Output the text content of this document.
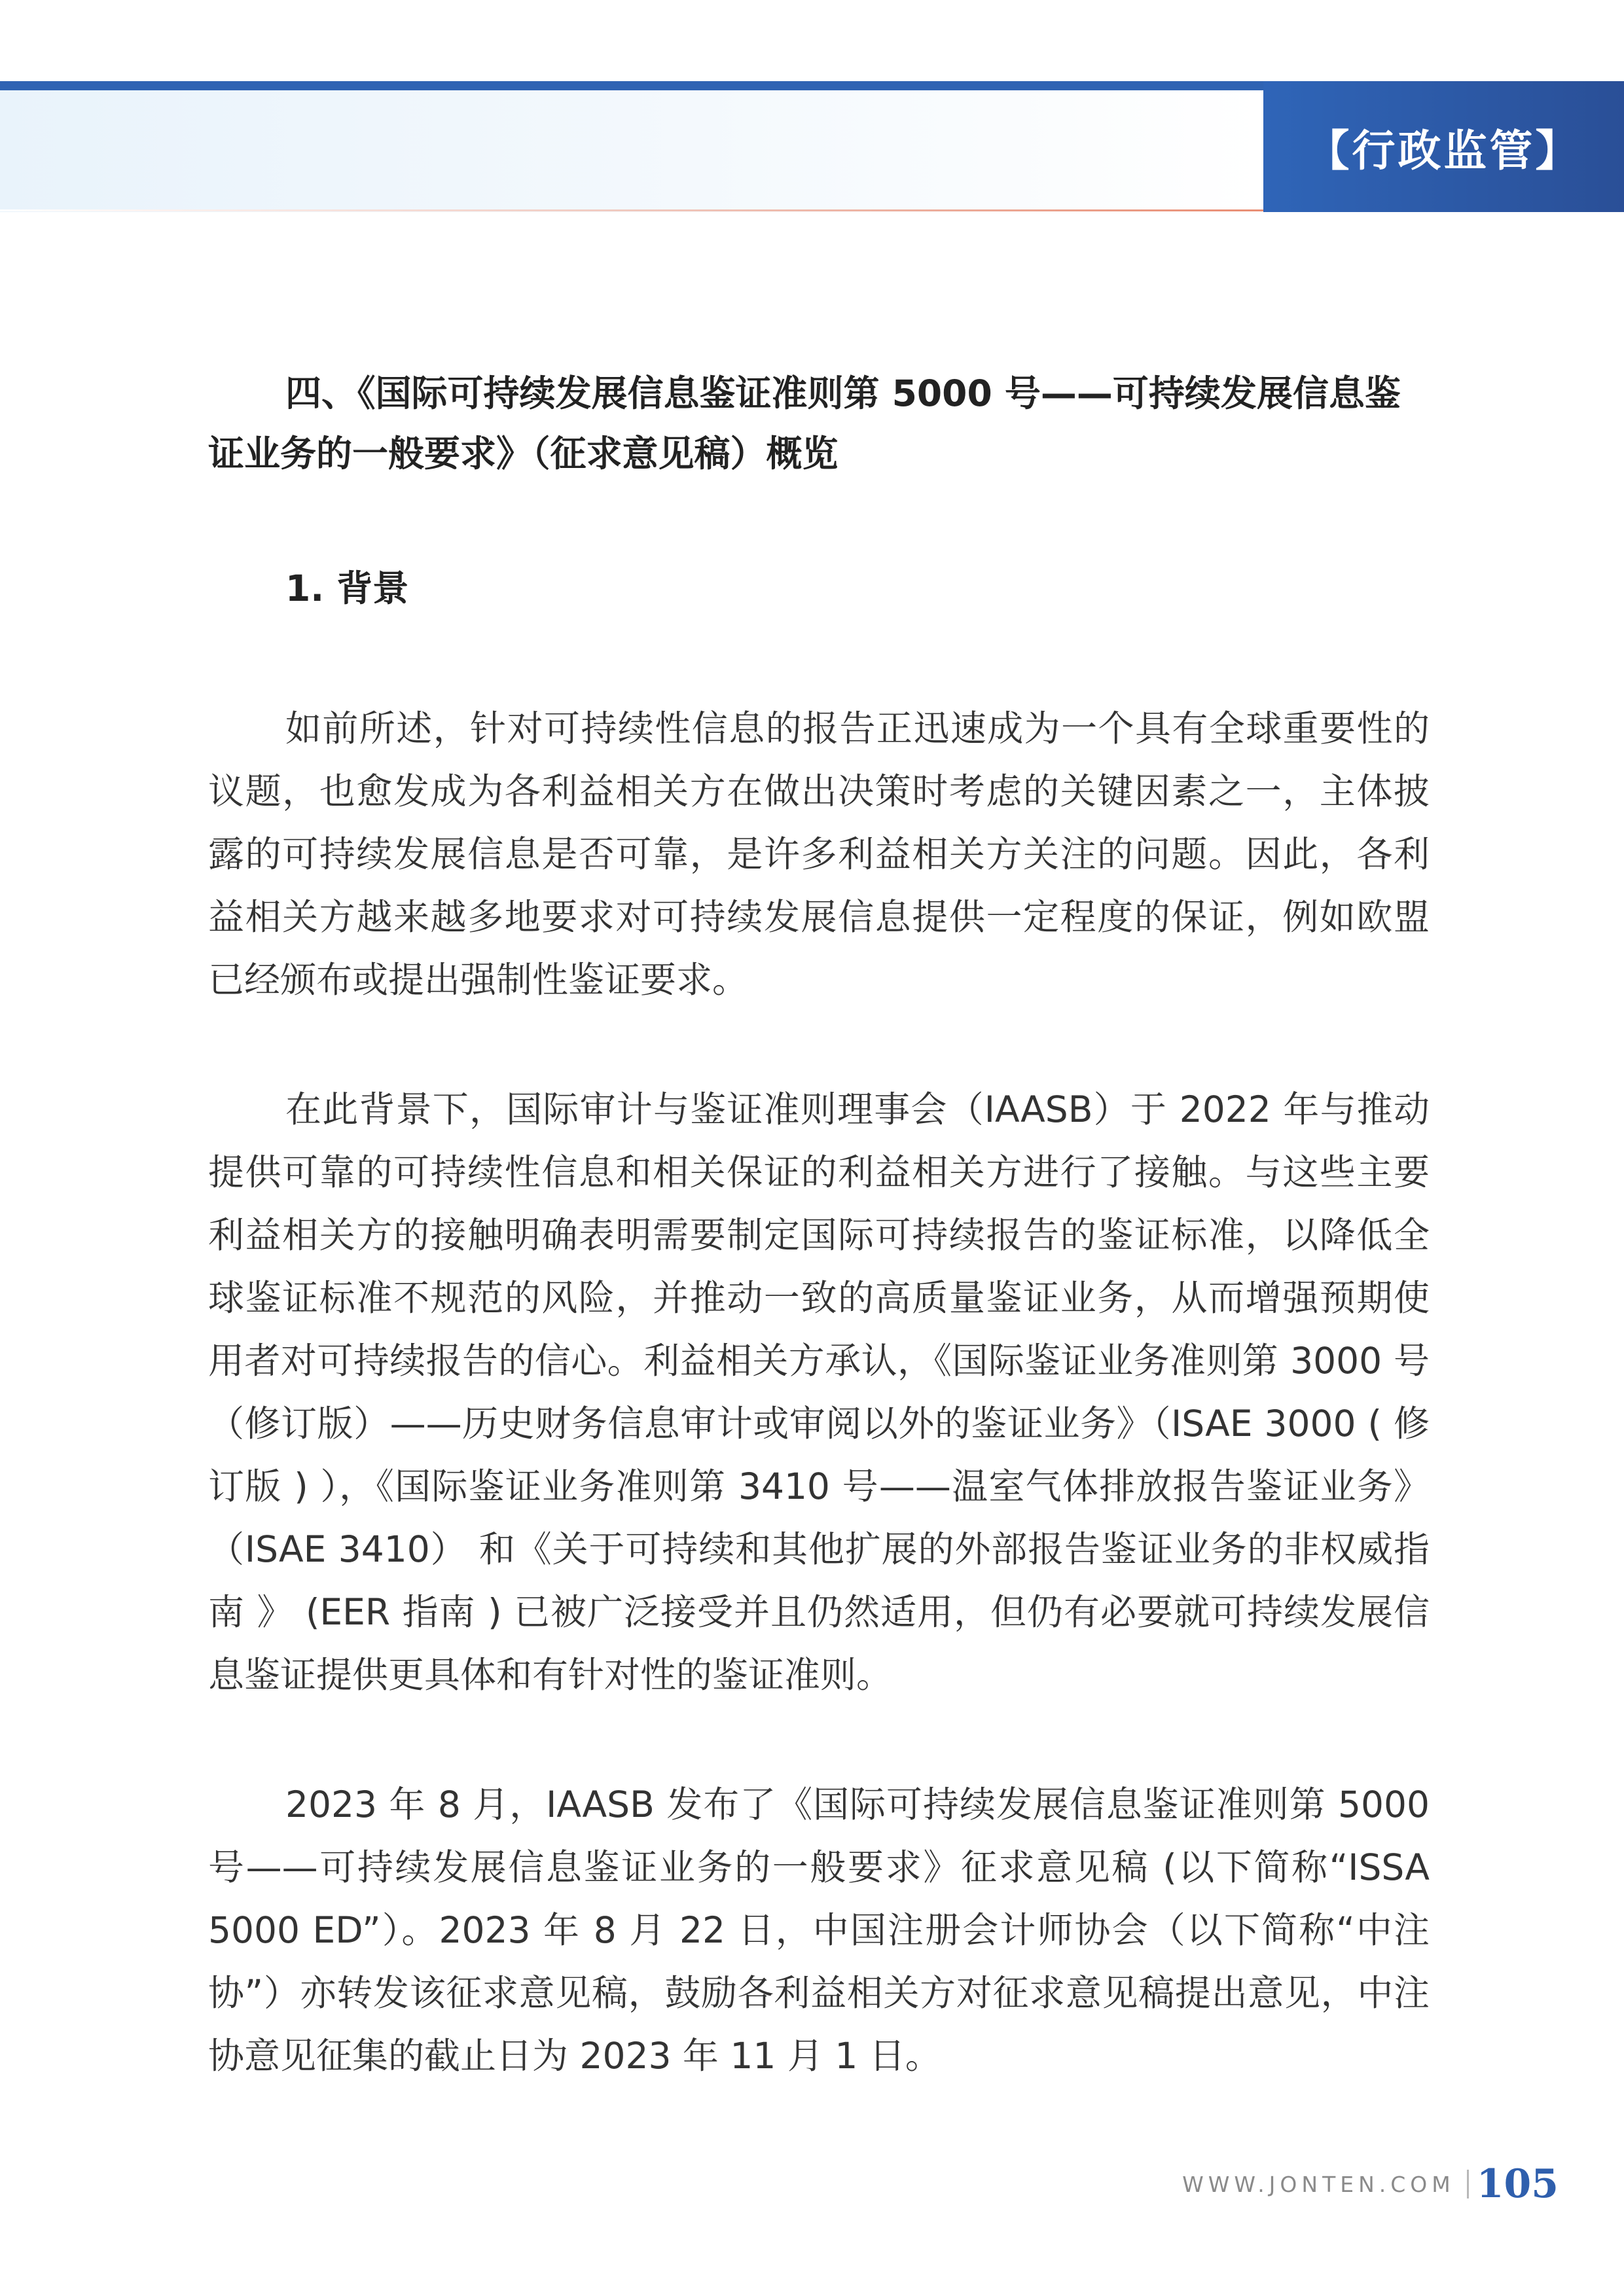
【行政监管】
四、《国际可持续发展信息鉴证准则第 5000 号——可持续发展信息鉴证业务的一般要求》（征求意见稿）概览
1. 背景

如前所述，针对可持续性信息的报告正迅速成为一个具有全球重要性的议题，也愈发成为各利益相关方在做出决策时考虑的关键因素之一，主体披露的可持续发展信息是否可靠，是许多利益相关方关注的问题。因此，各利益相关方越来越多地要求对可持续发展信息提供一定程度的保证，例如欧盟已经颁布或提出强制性鉴证要求。

在此背景下，国际审计与鉴证准则理事会（IAASB）于 2022 年与推动提供可靠的可持续性信息和相关保证的利益相关方进行了接触。与这些主要利益相关方的接触明确表明需要制定国际可持续报告的鉴证标准，以降低全球鉴证标准不规范的风险，并推动一致的高质量鉴证业务，从而增强预期使用者对可持续报告的信心。利益相关方承认，《国际鉴证业务准则第 3000 号（修订版）——历史财务信息审计或审阅以外的鉴证业务》（ISAE 3000 ( 修订版 ) ），《国际鉴证业务准则第 3410 号——温室气体排放报告鉴证业务》（ISAE 3410） 和《关于可持续和其他扩展的外部报告鉴证业务的非权威指南 》 (EER 指南 ) 已被广泛接受并且仍然适用，但仍有必要就可持续发展信息鉴证提供更具体和有针对性的鉴证准则。

2023 年 8 月，IAASB 发布了《国际可持续发展信息鉴证准则第 5000 号——可持续发展信息鉴证业务的一般要求》征求意见稿 (以下简称“ISSA 5000 ED”）。2023 年 8 月 22 日，中国注册会计师协会（以下简称“中注协”）亦转发该征求意见稿，鼓励各利益相关方对征求意见稿提出意见，中注协意见征集的截止日为 2023 年 11 月 1 日。

WWW.JONTEN.COM 105
